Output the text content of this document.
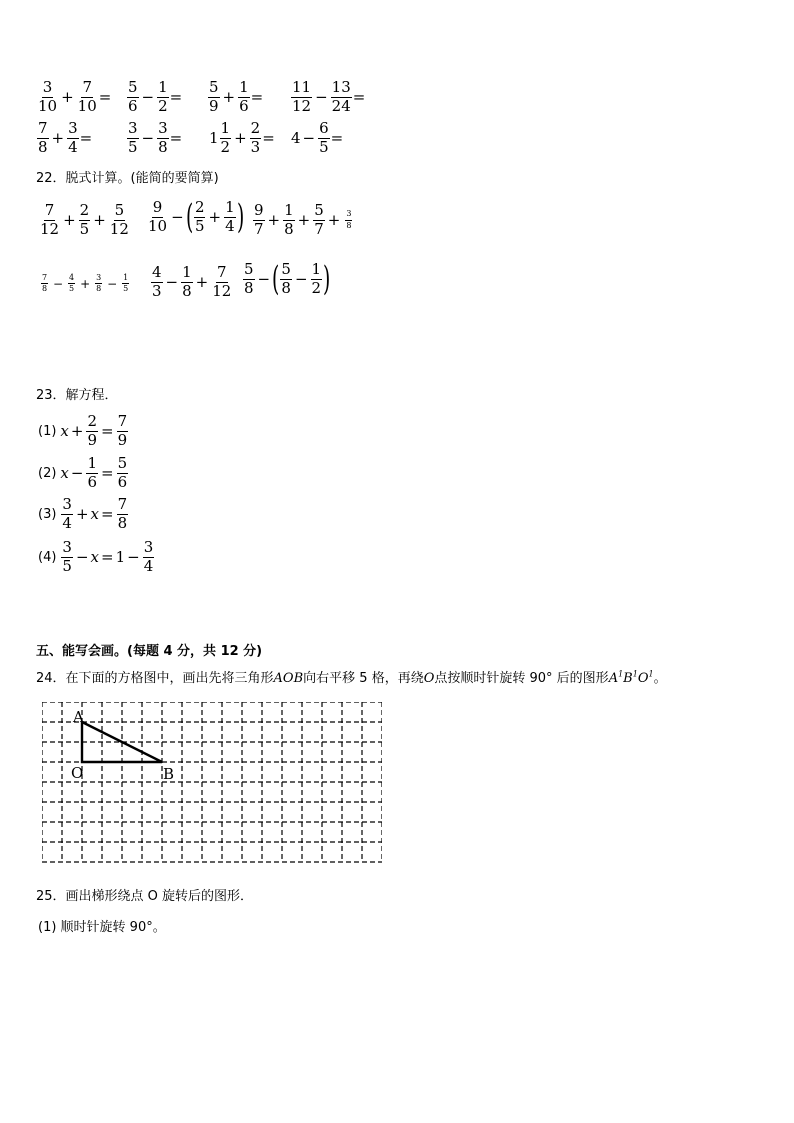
$\frac{3}{10} + \frac{7}{10} = \frac{5}{6} - \frac{1}{2} = \frac{5}{9} + \frac{1}{6} = \frac{11}{12} - \frac{13}{24}$ =
$\frac{7}{8} + \frac{3}{4} = \frac{3}{5} - \frac{3}{8} = 1 \frac{1}{2} + \frac{2}{3} = 4 - \frac{6}{5}$ =
22．脱式计算。(能简的要简算)
$\frac{7}{12} + \frac{2}{5} + \frac{5}{12} \frac{9}{10}$ − ( $\frac{2}{5} + \frac{1}{4}$ ) $\frac{9}{7} + \frac{1}{8} + \frac{5}{7} + \frac{3}{8}$
$\frac{7}{8} - \frac{4}{5} + \frac{3}{8} - \frac{1}{5} \frac{4}{3} - \frac{1}{8} + \frac{7}{12} \frac{5}{8}$ − ( $\frac{5}{8} - \frac{1}{2}$ )
23．解方程．
(1) $x + \frac{2}{9} = \frac{7}{9}$
(2) $x - \frac{1}{6} = \frac{5}{6}$
$(3) \frac{3}{4} + x = \frac{7}{8}$
$(4) \frac{3}{5} - x = 1 - \frac{3}{4}$
五、能写会画。(每题 4 分，共 12 分)
24．在下面的方格图中，画出先将三角形AOB向右平移 5 格，再绕O点按顺时针旋转 90° 后的图形$A^1B^1O^1$。
A
O	B
25．画出梯形绕点 O 旋转后的图形．
(1) 顺时针旋转 90°。
